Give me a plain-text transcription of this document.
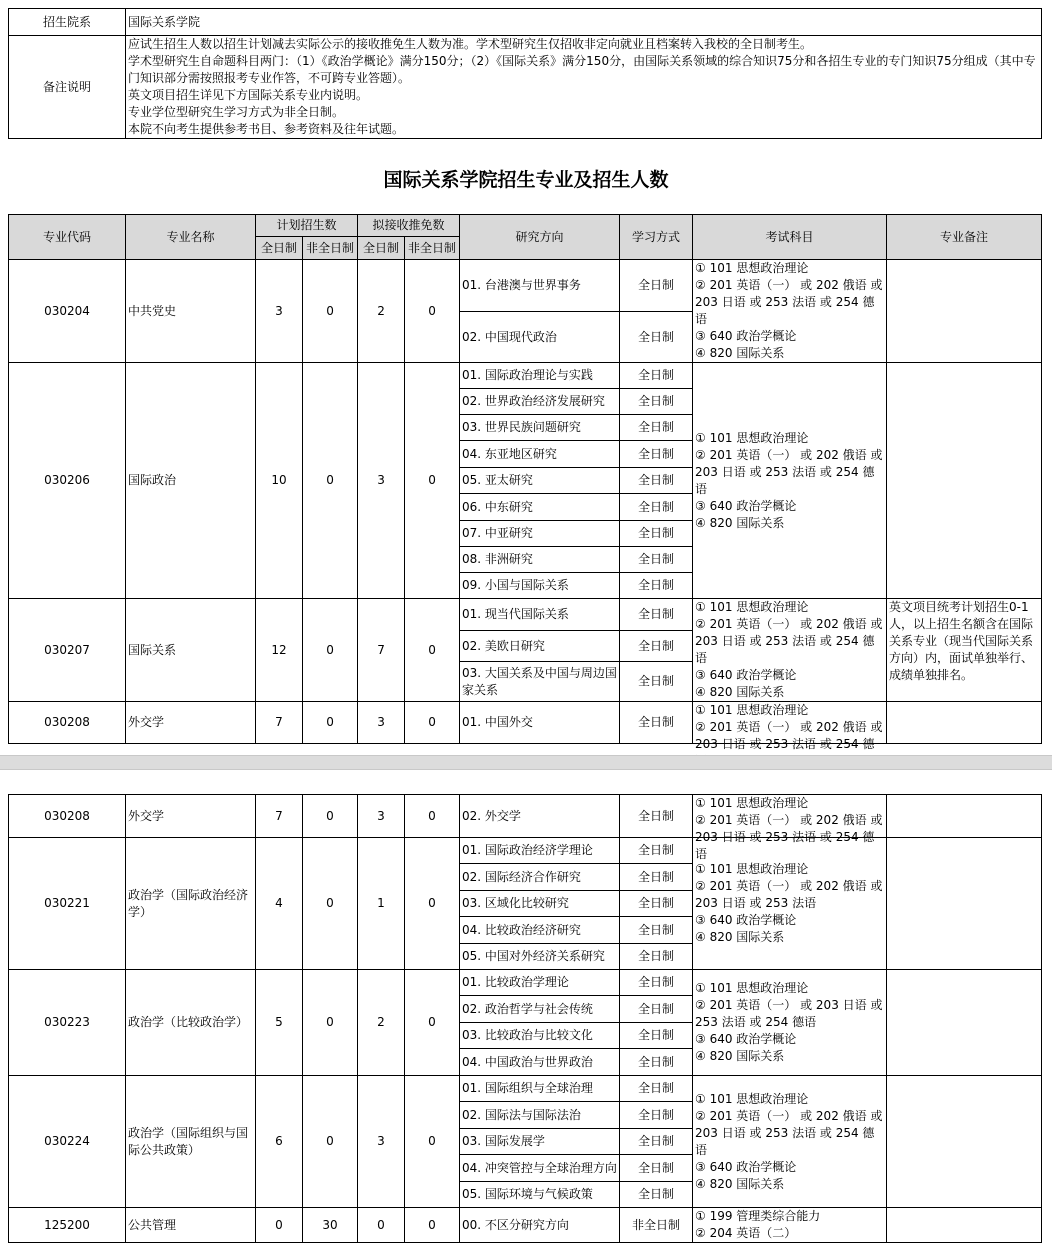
招生院系	国际关系学院
备注说明	应试生招生人数以招生计划减去实际公示的接收推免生人数为准。学术型研究生仅招收非定向就业且档案转入我校的全日制考生。
学术型研究生自命题科目两门：（1）《政治学概论》满分150分；（2）《国际关系》满分150分，由国际关系领域的综合知识75分和各招生专业的专门知识75分组成（其中专门知识部分需按照报考专业作答，不可跨专业答题）。
英文项目招生详见下方国际关系专业内说明。
专业学位型研究生学习方式为非全日制。
本院不向考生提供参考书目、参考资料及往年试题。
国际关系学院招生专业及招生人数
专业代码	专业名称	计划招生数		拟接收推免数		研究方向	学习方式	考试科目	专业备注
		全日制	非全日制	全日制	非全日制				
030204	中共党史	3	0	2	0	01. 台港澳与世界事务	全日制	① 101 思想政治理论
② 201 英语（一） 或 202 俄语 或 203 日语 或 253 法语 或 254 德语
③ 640 政治学概论
④ 820 国际关系	

						02. 中国现代政治	全日制		
030206	国际政治	10	0	3	0	01. 国际政治理论与实践	全日制	① 101 思想政治理论
② 201 英语（一） 或 202 俄语 或 203 日语 或 253 法语 或 254 德语
③ 640 政治学概论
④ 820 国际关系	

						02. 世界政治经济发展研究	全日制		
						03. 世界民族问题研究	全日制		
						04. 东亚地区研究	全日制		
						05. 亚太研究	全日制		
						06. 中东研究	全日制		
						07. 中亚研究	全日制		
						08. 非洲研究	全日制		
						09. 小国与国际关系	全日制		
030207	国际关系	12	0	7	0	01. 现当代国际关系	全日制	① 101 思想政治理论
② 201 英语（一） 或 202 俄语 或 203 日语 或 253 法语 或 254 德语
③ 640 政治学概论
④ 820 国际关系	英文项目统考计划招生0-1人，以上招生名额含在国际关系专业（现当代国际关系方向）内，面试单独举行、成绩单独排名。
						02. 美欧日研究	全日制		
						03. 大国关系及中国与周边国家关系	全日制		
030208	外交学	7	0	3	0	01. 中国外交	全日制	① 101 思想政治理论
② 201 英语（一） 或 202 俄语 或 203 日语 或 253 法语 或 254 德	

030208	外交学	7	0	3	0	02. 外交学	全日制	① 101 思想政治理论
② 201 英语（一） 或 202 俄语 或 203 日语 或 253 法语 或 254 德语	

030221	政治学（国际政治经济学）	4	0	1	0	01. 国际政治经济学理论	全日制	① 101 思想政治理论
② 201 英语（一） 或 202 俄语 或 203 日语 或 253 法语
③ 640 政治学概论
④ 820 国际关系	

						02. 国际经济合作研究	全日制		
						03. 区域化比较研究	全日制		
						04. 比较政治经济研究	全日制		
						05. 中国对外经济关系研究	全日制		
030223	政治学（比较政治学）	5	0	2	0	01. 比较政治学理论	全日制	① 101 思想政治理论
② 201 英语（一） 或 203 日语 或 253 法语 或 254 德语
③ 640 政治学概论
④ 820 国际关系	

						02. 政治哲学与社会传统	全日制		
						03. 比较政治与比较文化	全日制		
						04. 中国政治与世界政治	全日制		
030224	政治学（国际组织与国际公共政策）	6	0	3	0	01. 国际组织与全球治理	全日制	① 101 思想政治理论
② 201 英语（一） 或 202 俄语 或 203 日语 或 253 法语 或 254 德语
③ 640 政治学概论
④ 820 国际关系	

						02. 国际法与国际法治	全日制		
						03. 国际发展学	全日制		
						04. 冲突管控与全球治理方向	全日制		
						05. 国际环境与气候政策	全日制		
125200	公共管理	0	30	0	0	00. 不区分研究方向	非全日制	① 199 管理类综合能力
② 204 英语（二）	
